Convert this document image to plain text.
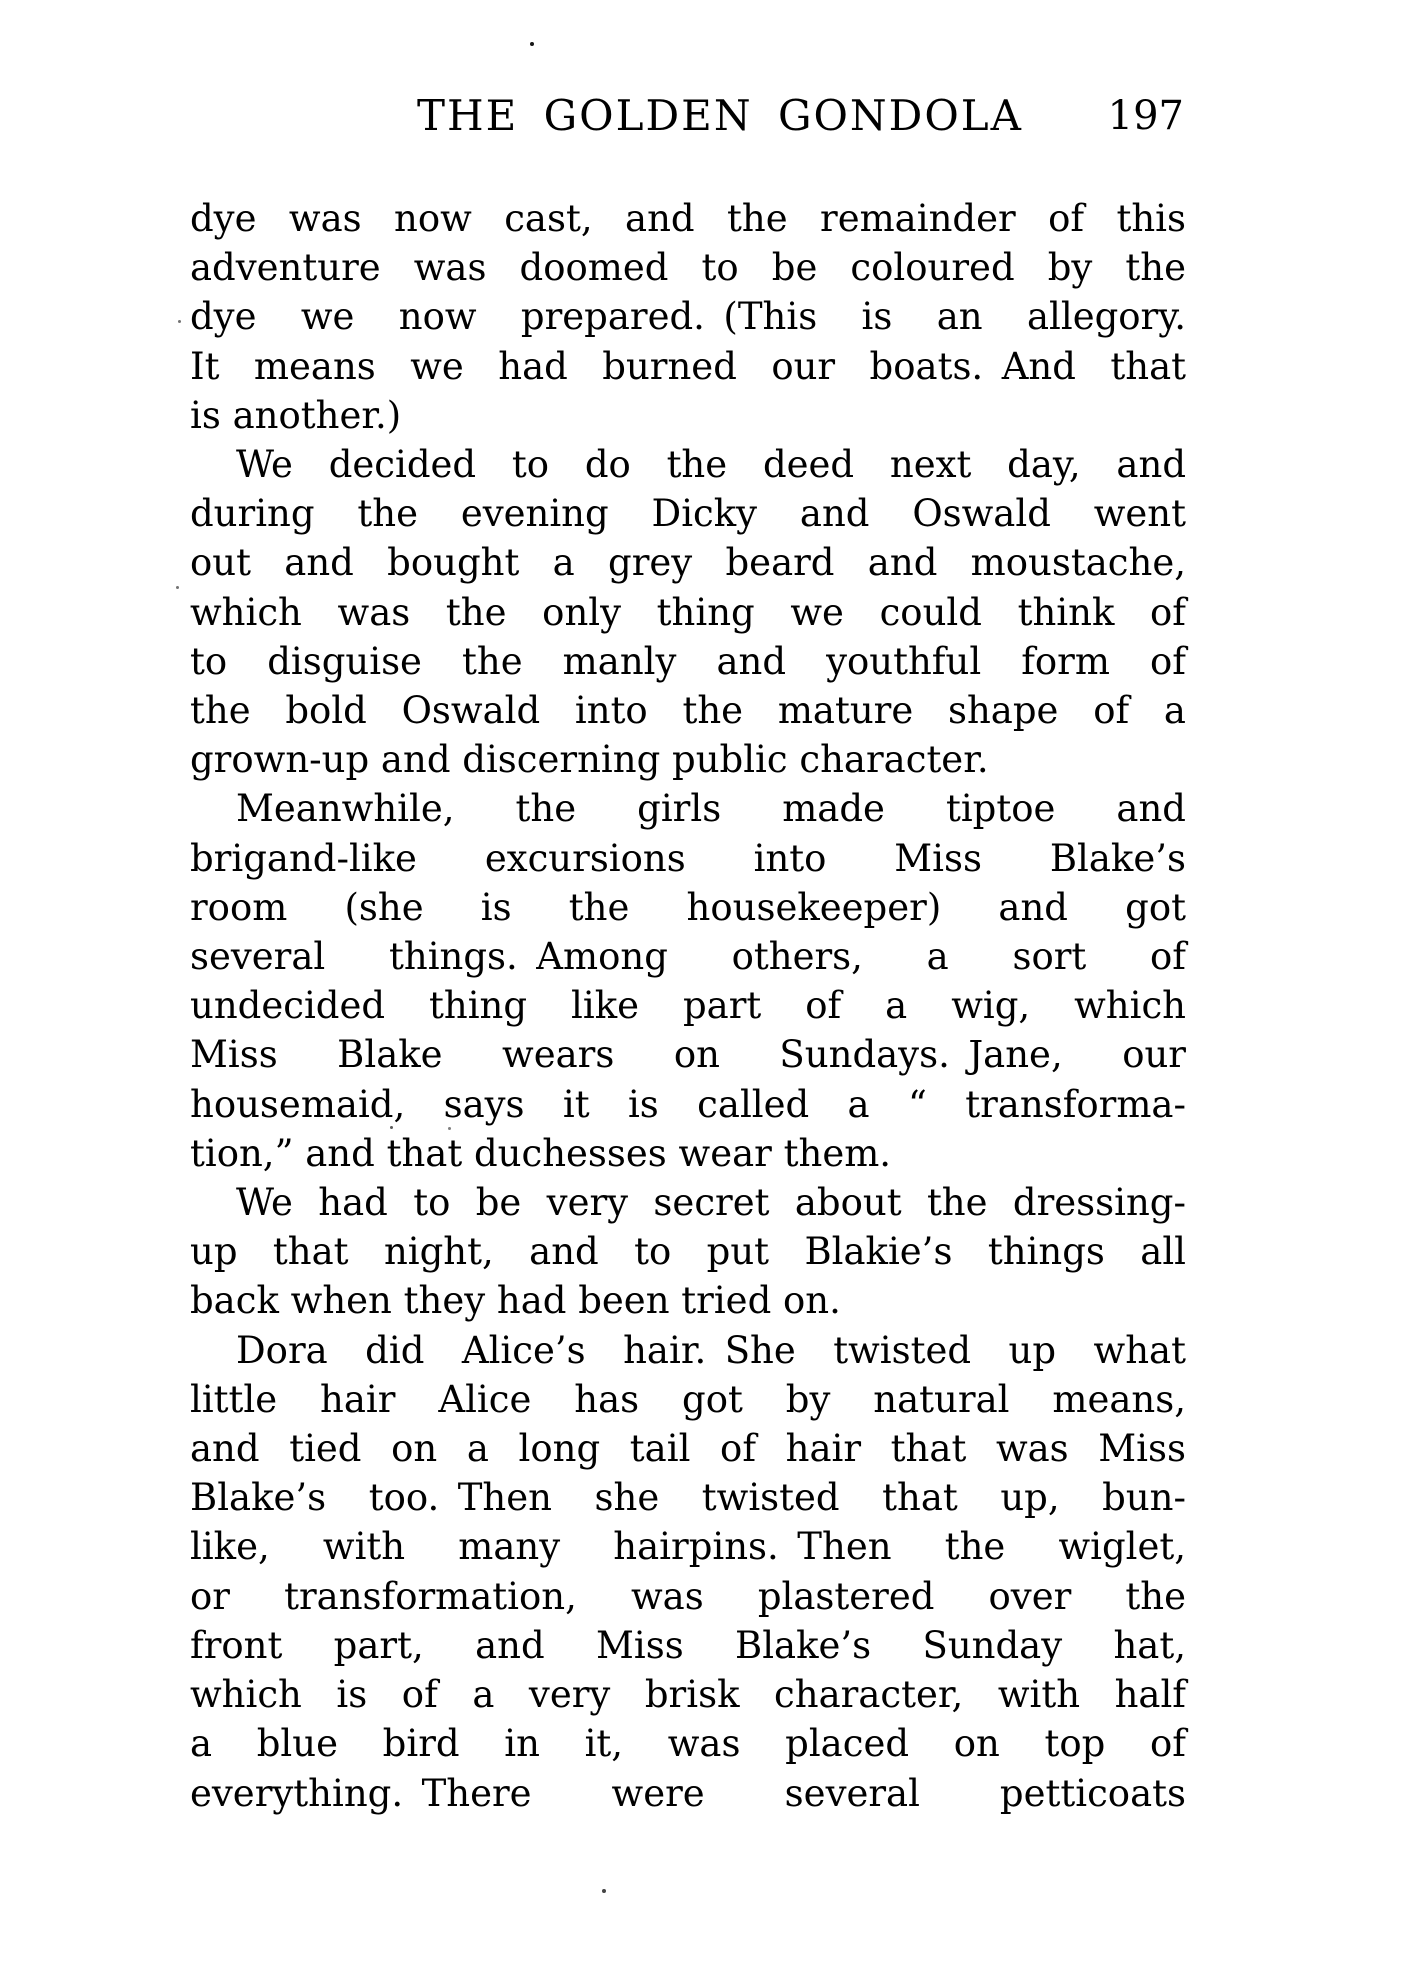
THE GOLDEN GONDOLA 197
dye was now cast, and the remainder of this
adventure was doomed to be coloured by the
dye we now prepared. (This is an allegory.
It means we had burned our boats. And that
is another.)
We decided to do the deed next day, and
during the evening Dicky and Oswald went
out and bought a grey beard and moustache,
which was the only thing we could think of
to disguise the manly and youthful form of
the bold Oswald into the mature shape of a
grown-up and discerning public character.
Meanwhile, the girls made tiptoe and
brigand-like excursions into Miss Blake’s
room (she is the housekeeper) and got
several things. Among others, a sort of
undecided thing like part of a wig, which
Miss Blake wears on Sundays. Jane, our
housemaid, says it is called a “ transforma-
tion,” and that duchesses wear them.
We had to be very secret about the dressing-
up that night, and to put Blakie’s things all
back when they had been tried on.
Dora did Alice’s hair. She twisted up what
little hair Alice has got by natural means,
and tied on a long tail of hair that was Miss
Blake’s too. Then she twisted that up, bun-
like, with many hairpins. Then the wiglet,
or transformation, was plastered over the
front part, and Miss Blake’s Sunday hat,
which is of a very brisk character, with half
a blue bird in it, was placed on top of
everything. There were several petticoats
